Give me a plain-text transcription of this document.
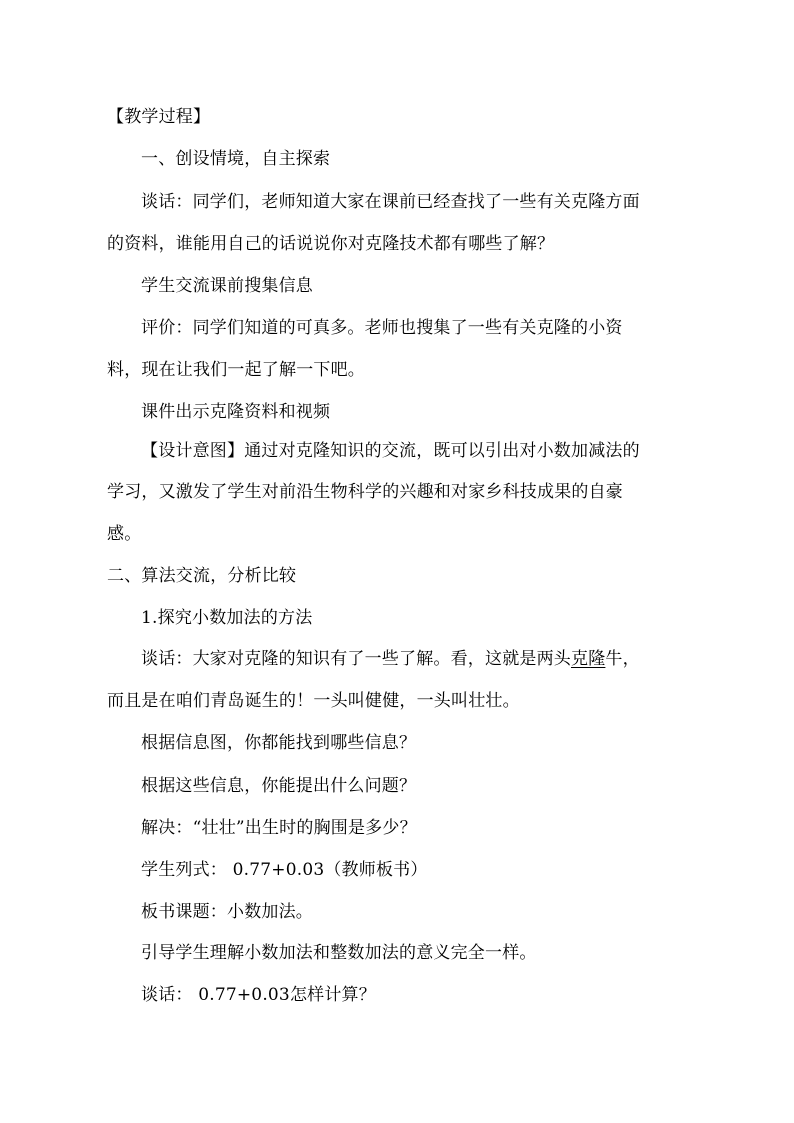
【教学过程】
一、创设情境，自主探索
谈话：同学们，老师知道大家在课前已经查找了一些有关克隆方面
的资料，谁能用自己的话说说你对克隆技术都有哪些了解？
学生交流课前搜集信息
评价：同学们知道的可真多。老师也搜集了一些有关克隆的小资
料，现在让我们一起了解一下吧。
课件出示克隆资料和视频
【设计意图】通过对克隆知识的交流，既可以引出对小数加减法的
学习，又激发了学生对前沿生物科学的兴趣和对家乡科技成果的自豪
感。
二、算法交流，分析比较
1.探究小数加法的方法
谈话：大家对克隆的知识有了一些了解。看，这就是两头克隆牛，
而且是在咱们青岛诞生的！一头叫健健，一头叫壮壮。
根据信息图，你都能找到哪些信息？
根据这些信息，你能提出什么问题？
解决：“壮壮”出生时的胸围是多少？
学生列式： 0.77+0.03（教师板书）
板书课题：小数加法。
引导学生理解小数加法和整数加法的意义完全一样。
谈话： 0.77+0.03怎样计算？
